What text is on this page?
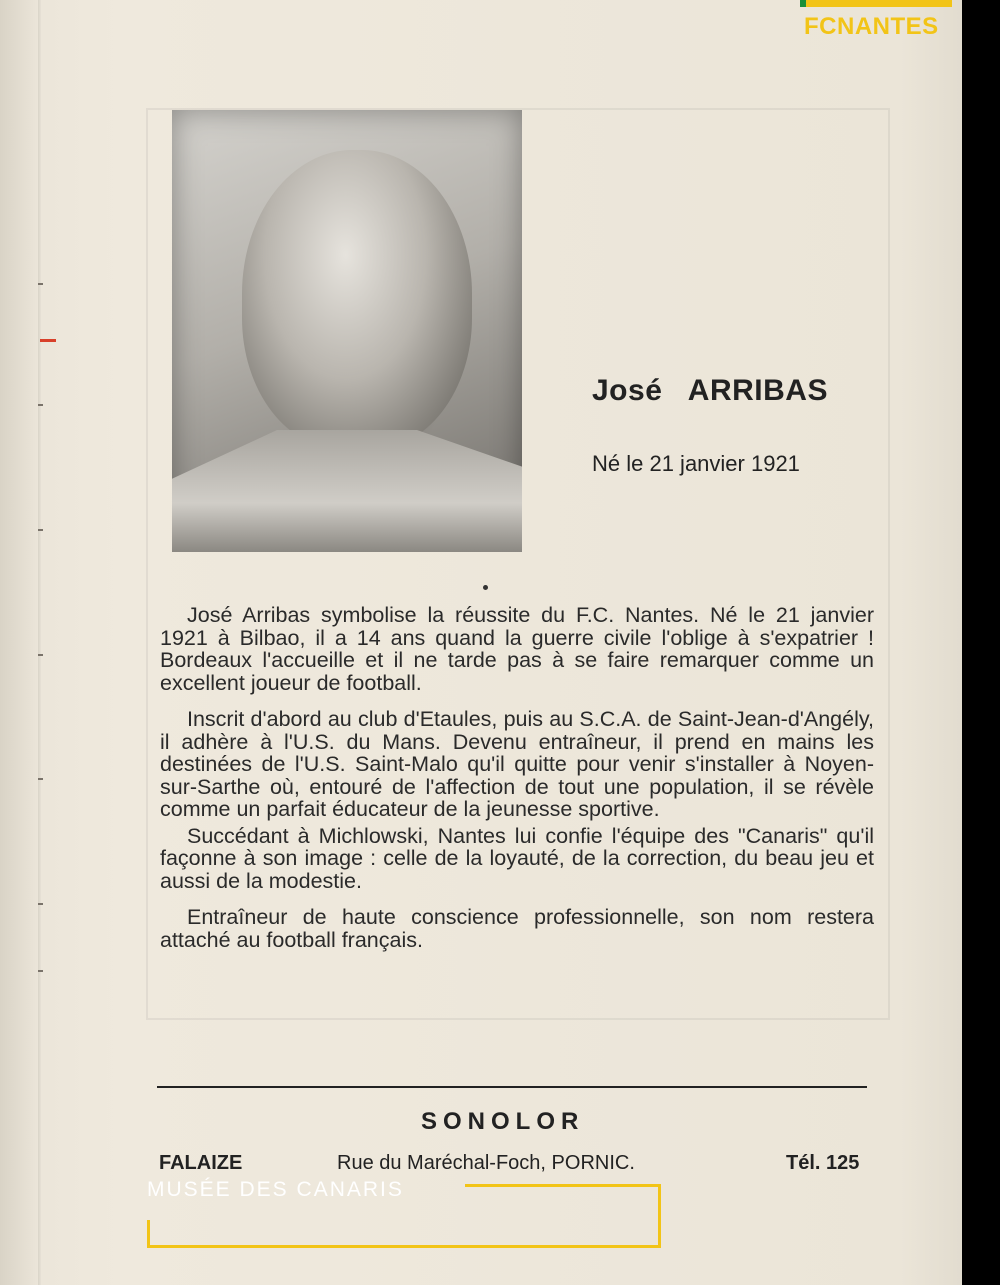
José ARRIBAS
Né le 21 janvier 1921

José Arribas symbolise la réussite du F.C. Nantes. Né le 21 janvier 1921 à Bilbao, il a 14 ans quand la guerre civile l'oblige à s'expatrier ! Bordeaux l'accueille et il ne tarde pas à se faire remarquer comme un excellent joueur de football.

Inscrit d'abord au club d'Etaules, puis au S.C.A. de Saint-Jean-d'Angély, il adhère à l'U.S. du Mans. Devenu entraîneur, il prend en mains les destinées de l'U.S. Saint-Malo qu'il quitte pour venir s'installer à Noyen-sur-Sarthe où, entouré de l'affection de tout une population, il se révèle comme un parfait éducateur de la jeunesse sportive.

Succédant à Michlowski, Nantes lui confie l'équipe des "Canaris" qu'il façonne à son image : celle de la loyauté, de la correction, du beau jeu et aussi de la modestie.

Entraîneur de haute conscience professionnelle, son nom restera attaché au football français.

SONOLOR
FALAIZE	Rue du Maréchal-Foch, PORNIC.	Tél. 125
FCNANTES
MUSÉE DES CANARIS
